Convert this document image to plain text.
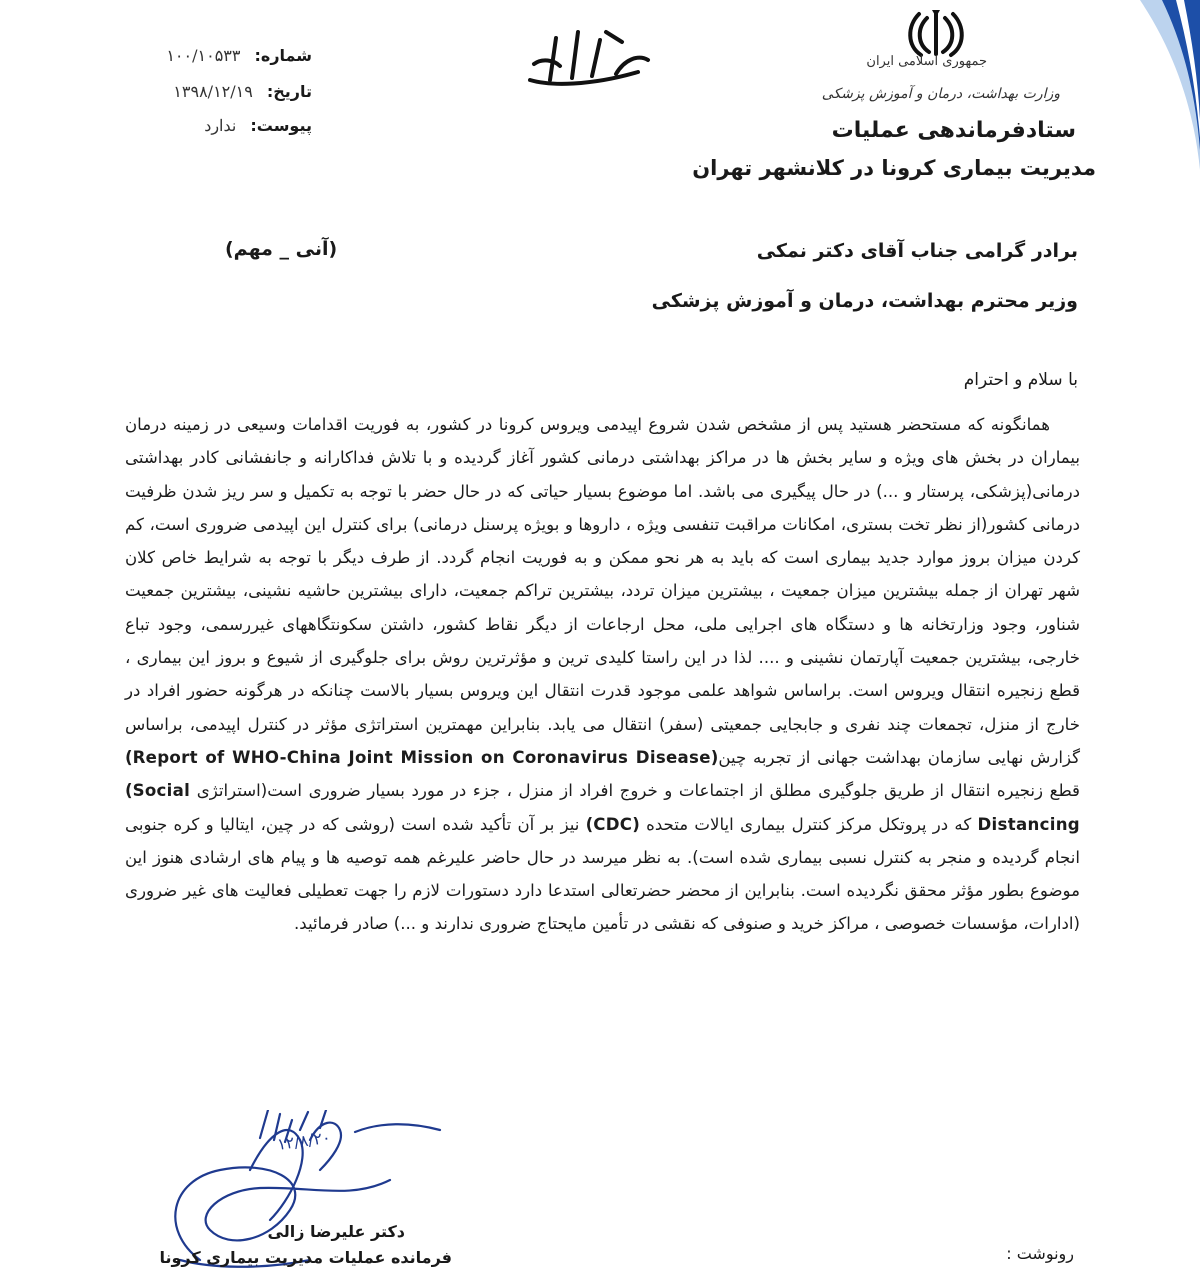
جمهوری اسلامی ایران
وزارت بهداشت، درمان و آموزش پزشکی
ستادفرماندهی عملیات
مدیریت بیماری کرونا در کلانشهر تهران
شماره:۱۰۰/۱۰۵۳۳
تاریخ:۱۳۹۸/۱۲/۱۹
پیوست:ندارد
برادر گرامی جناب آقای دکتر نمکی
وزیر محترم بهداشت، درمان و آموزش پزشکی
(آنی _ مهم)
با سلام و احترام
همانگونه که مستحضر هستید پس از مشخص شدن شروع اپیدمی ویروس کرونا در کشور، به فوریت اقدامات وسیعی در زمینه درمان بیماران در بخش های ویژه و سایر بخش ها در مراکز بهداشتی درمانی کشور آغاز گردیده و با تلاش فداکارانه و جانفشانی کادر بهداشتی درمانی(پزشکی، پرستار و ...) در حال پیگیری می باشد. اما موضوع بسیار حیاتی که در حال حضر با توجه به تکمیل و سر ریز شدن ظرفیت درمانی کشور(از نظر تخت بستری، امکانات مراقبت تنفسی ویژه ، داروها و بویژه پرسنل درمانی) برای کنترل این اپیدمی ضروری است، کم کردن میزان بروز موارد جدید بیماری است که باید به هر نحو ممکن و به فوریت انجام گردد. از طرف دیگر با توجه به شرایط خاص کلان شهر تهران از جمله بیشترین میزان جمعیت ، بیشترین میزان تردد، بیشترین تراکم جمعیت، دارای بیشترین حاشیه نشینی، بیشترین جمعیت شناور، وجود وزارتخانه ها و دستگاه های اجرایی ملی، محل ارجاعات از دیگر نقاط کشور، داشتن سکونتگاههای غیررسمی، وجود تباع خارجی، بیشترین جمعیت آپارتمان نشینی و .... لذا در این راستا کلیدی ترین و مؤثرترین روش برای جلوگیری از شیوع و بروز این بیماری ، قطع زنجیره انتقال ویروس است. براساس شواهد علمی موجود قدرت انتقال این ویروس بسیار بالاست چنانکه در هرگونه حضور افراد در خارج از منزل، تجمعات چند نفری و جابجایی جمعیتی (سفر) انتقال می یابد. بنابراین مهمترین استراتژی مؤثر در کنترل اپیدمی، براساس گزارش نهایی سازمان بهداشت جهانی از تجربه چین(Report of WHO-China Joint Mission on Coronavirus Disease) قطع زنجیره انتقال از طریق جلوگیری مطلق از اجتماعات و خروج افراد از منزل ، جزء در مورد بسیار ضروری است(استراتژی (Social Distancing که در پروتکل مرکز کنترل بیماری ایالات متحده (CDC) نیز بر آن تأکید شده است (روشی که در چین، ایتالیا و کره جنوبی انجام گردیده و منجر به کنترل نسبی بیماری شده است). به نظر میرسد در حال حاضر علیرغم همه توصیه ها و پیام های ارشادی هنوز این موضوع بطور مؤثر محقق نگردیده است. بنابراین از محضر حضرتعالی استدعا دارد دستورات لازم را جهت تعطیلی فعالیت های غیر ضروری (ادارات، مؤسسات خصوصی ، مراکز خرید و صنوفی که نقشی در تأمین مایحتاج ضروری ندارند و ...) صادر فرمائید.
۱۲/۸/۲۰
دکتر علیرضا زالی
فرمانده عملیات مدیریت بیماری کرونا	رونوشت :
